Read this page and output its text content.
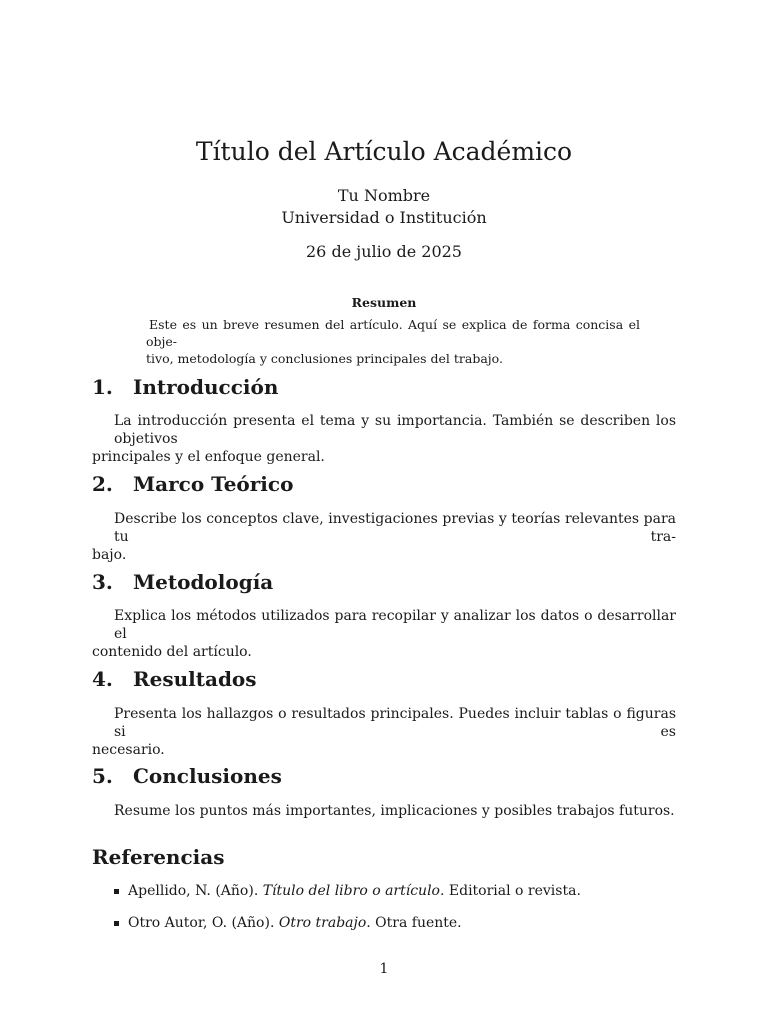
Título del Artículo Académico
Tu Nombre
Universidad o Institución
26 de julio de 2025
Resumen
Este es un breve resumen del artículo. Aquí se explica de forma concisa el obje-
tivo, metodología y conclusiones principales del trabajo.
1. Introducción
La introducción presenta el tema y su importancia. También se describen los objetivos
principales y el enfoque general.
2. Marco Teórico
Describe los conceptos clave, investigaciones previas y teorías relevantes para tu tra-
bajo.
3. Metodología
Explica los métodos utilizados para recopilar y analizar los datos o desarrollar el
contenido del artículo.
4. Resultados
Presenta los hallazgos o resultados principales. Puedes incluir tablas o figuras si es
necesario.
5. Conclusiones
Resume los puntos más importantes, implicaciones y posibles trabajos futuros.
Referencias
Apellido, N. (Año). Título del libro o artículo. Editorial o revista.
Otro Autor, O. (Año). Otro trabajo. Otra fuente.
1
